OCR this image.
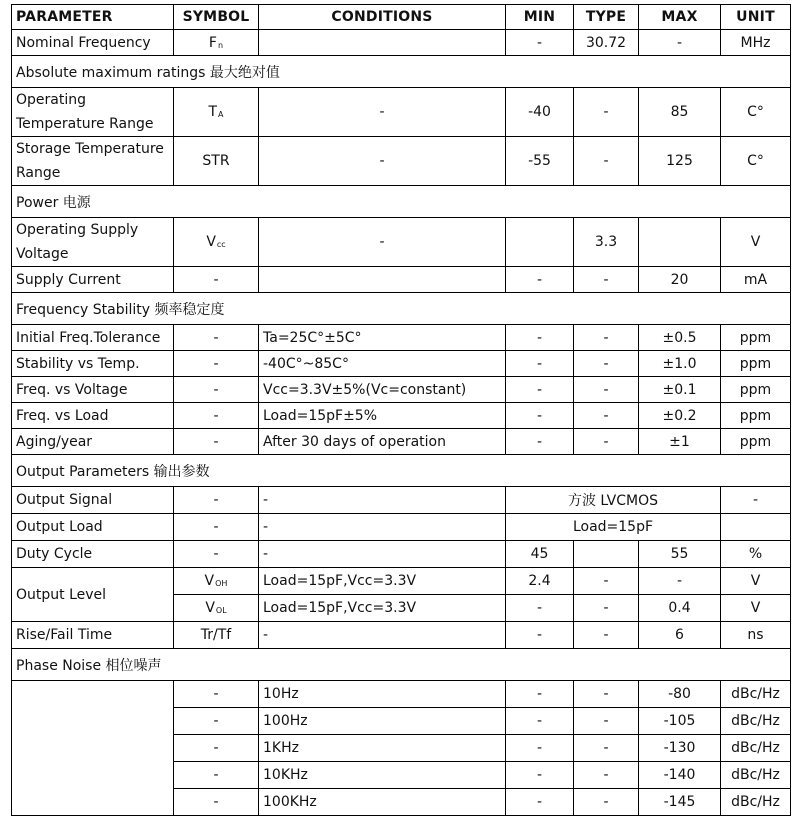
PARAMETER	SYMBOL	CONDITIONS	MIN	TYPE	MAX	UNIT
Nominal Frequency	Fn		-	30.72	-	MHz
Absolute maximum ratings 最大绝对值						
Operating Temperature Range	TA	-	-40	-	85	C°
Storage Temperature Range	STR	-	-55	-	125	C°
Power 电源						
Operating Supply Voltage	Vcc	-		3.3		V
Supply Current	-		-	-	20	mA
Frequency Stability 频率稳定度						
Initial Freq.Tolerance	-	Ta=25C°±5C°	-	-	±0.5	ppm
Stability vs Temp.	-	-40C°~85C°	-	-	±1.0	ppm
Freq. vs Voltage	-	Vcc=3.3V±5%(Vc=constant)	-	-	±0.1	ppm
Freq. vs Load	-	Load=15pF±5%	-	-	±0.2	ppm
Aging/year	-	After 30 days of operation	-	-	±1	ppm
Output Parameters 输出参数						
Output Signal	-	-	方波 LVCMOS			-
Output Load	-	-	Load=15pF			
Duty Cycle	-	-	45		55	%
Output Level	VOH	Load=15pF,Vcc=3.3V	2.4	-	-	V
	VOL	Load=15pF,Vcc=3.3V	-	-	0.4	V
Rise/Fail Time	Tr/Tf	-	-	-	6	ns
Phase Noise 相位噪声						
	-	10Hz	-	-	-80	dBc/Hz
	-	100Hz	-	-	-105	dBc/Hz
	-	1KHz	-	-	-130	dBc/Hz
	-	10KHz	-	-	-140	dBc/Hz
	-	100KHz	-	-	-145	dBc/Hz
